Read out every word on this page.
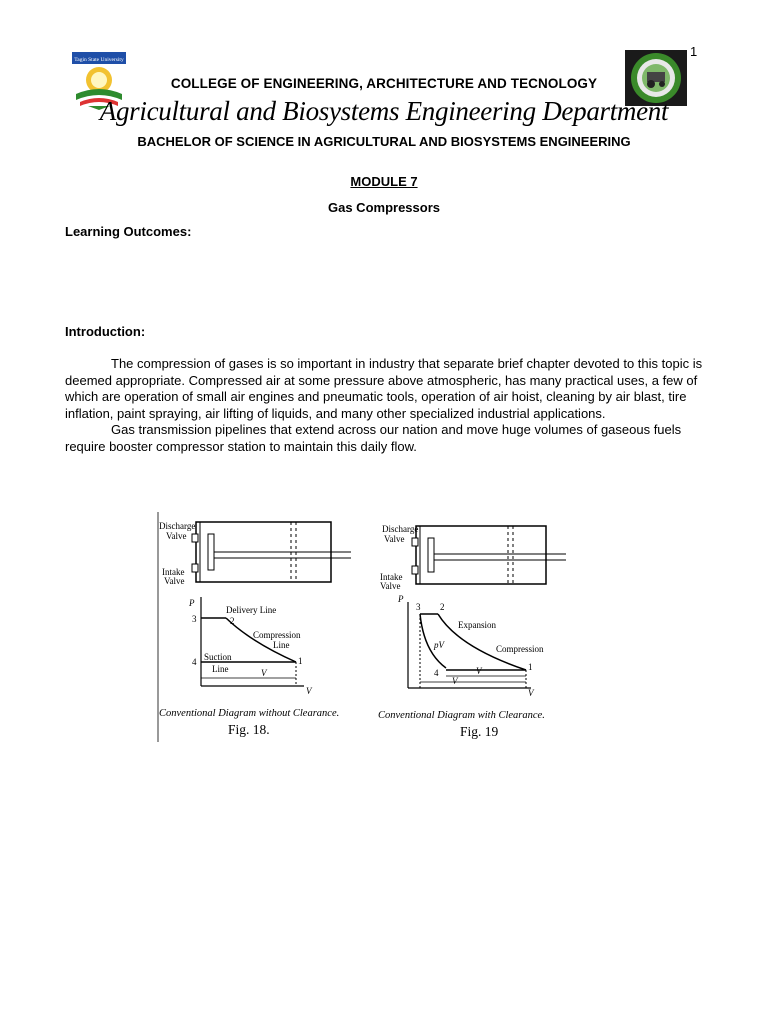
1
Tagin State University
COLLEGE OF ENGINEERING, ARCHITECTURE AND TECNOLOGY
Agricultural and Biosystems Engineering Department
BACHELOR OF SCIENCE IN AGRICULTURAL AND BIOSYSTEMS ENGINEERING
MODULE 7
Gas Compressors
Learning Outcomes:
Introduction:
The compression of gases is so important in industry that separate brief chapter devoted to this topic is deemed appropriate. Compressed air at some pressure above atmospheric, has many practical uses, a few of which are operation of small air engines and pneumatic tools, operation of air hoist, cleaning by air blast, tire inflation, paint spraying, air lifting of liquids, and many other specialized industrial applications.
Gas transmission pipelines that extend across our nation and move huge volumes of gaseous fuels require booster compressor station to maintain this daily flow.
Discharge
Valve
Intake
Valve
P
V
3	2
4	1
Delivery Line
Compression
Line
Suction
Line	V
Conventional Diagram without Clearance.
Fig. 18.
Discharge
Valve
Intake
Valve
P
V
3 2
4
1
Expansion
Compression
pV
V
V
Conventional Diagram with Clearance.
Fig. 19
